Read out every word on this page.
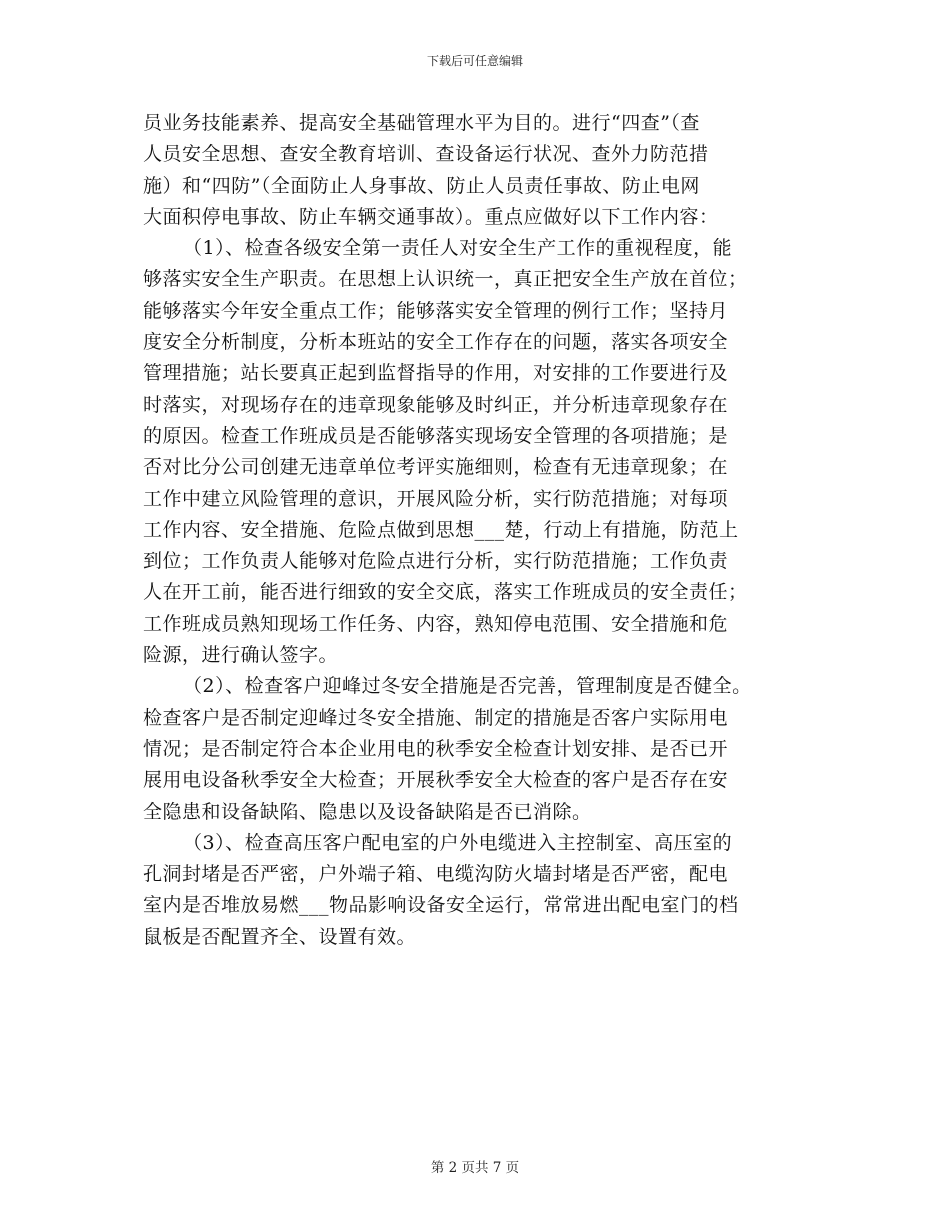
下载后可任意编辑
员业务技能素养、提高安全基础管理水平为目的。进行“四查”（查
人员安全思想、查安全教育培训、查设备运行状况、查外力防范措
施）和“四防”（全面防止人身事故、防止人员责任事故、防止电网
大面积停电事故、防止车辆交通事故）。重点应做好以下工作内容：
（1）、检查各级安全第一责任人对安全生产工作的重视程度，能
够落实安全生产职责。在思想上认识统一，真正把安全生产放在首位；
能够落实今年安全重点工作；能够落实安全管理的例行工作；坚持月
度安全分析制度，分析本班站的安全工作存在的问题，落实各项安全
管理措施；站长要真正起到监督指导的作用，对安排的工作要进行及
时落实，对现场存在的违章现象能够及时纠正，并分析违章现象存在
的原因。检查工作班成员是否能够落实现场安全管理的各项措施；是
否对比分公司创建无违章单位考评实施细则，检查有无违章现象；在
工作中建立风险管理的意识，开展风险分析，实行防范措施；对每项
工作内容、安全措施、危险点做到思想___楚，行动上有措施，防范上
到位；工作负责人能够对危险点进行分析，实行防范措施；工作负责
人在开工前，能否进行细致的安全交底，落实工作班成员的安全责任；
工作班成员熟知现场工作任务、内容，熟知停电范围、安全措施和危
险源，进行确认签字。
（2）、检查客户迎峰过冬安全措施是否完善，管理制度是否健全。
检查客户是否制定迎峰过冬安全措施、制定的措施是否客户实际用电
情况；是否制定符合本企业用电的秋季安全检查计划安排、是否已开
展用电设备秋季安全大检查；开展秋季安全大检查的客户是否存在安
全隐患和设备缺陷、隐患以及设备缺陷是否已消除。
（3）、检查高压客户配电室的户外电缆进入主控制室、高压室的
孔洞封堵是否严密，户外端子箱、电缆沟防火墙封堵是否严密，配电
室内是否堆放易燃___物品影响设备安全运行，常常进出配电室门的档
鼠板是否配置齐全、设置有效。
第 2 页共 7 页
